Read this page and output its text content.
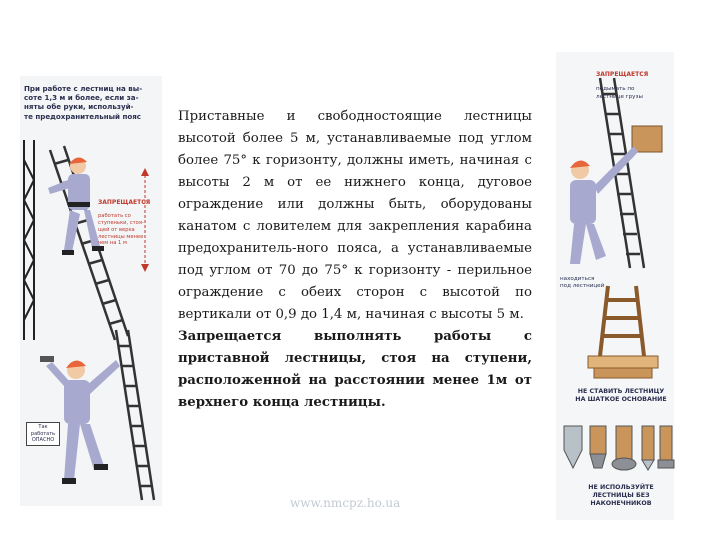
При работе с лестниц на вы-
соте 1,3 м и более, если за-
няты обе руки, используй-
те предохранительный пояс

ЗАПРЕЩАЕТСЯ

работать со
ступеньки, стоя-
щей от верха
лестницы менее
чем на 1 м

Так
работать
ОПАСНО

Приставные и свободностоящие лестницы высотой более 5 м, устанавливаемые под углом более 75° к горизонту, должны иметь, начиная с высоты 2 м от ее нижнего конца, дуговое ограждение или должны быть, оборудованы канатом с ловителем для закрепления карабина предохранитель-ного пояса, а устанавливаемые под углом от 70 до 75° к горизонту - перильное ограждение с обеих сторон с высотой по вертикали от 0,9 до 1,4 м, начиная с высоты 5 м.

Запрещается выполнять работы с приставной лестницы, стоя на ступени, расположенной на расстоянии менее 1м от верхнего конца лестницы.

www.nmcpz.ho.ua

ЗАПРЕЩАЕТСЯ

подымать по
лестнице грузы

находиться
под лестницей
НЕ СТАВИТЬ ЛЕСТНИЦУ
НА ШАТКОЕ ОСНОВАНИЕ
НЕ ИСПОЛЬЗУЙТЕ
ЛЕСТНИЦЫ БЕЗ
НАКОНЕЧНИКОВ
